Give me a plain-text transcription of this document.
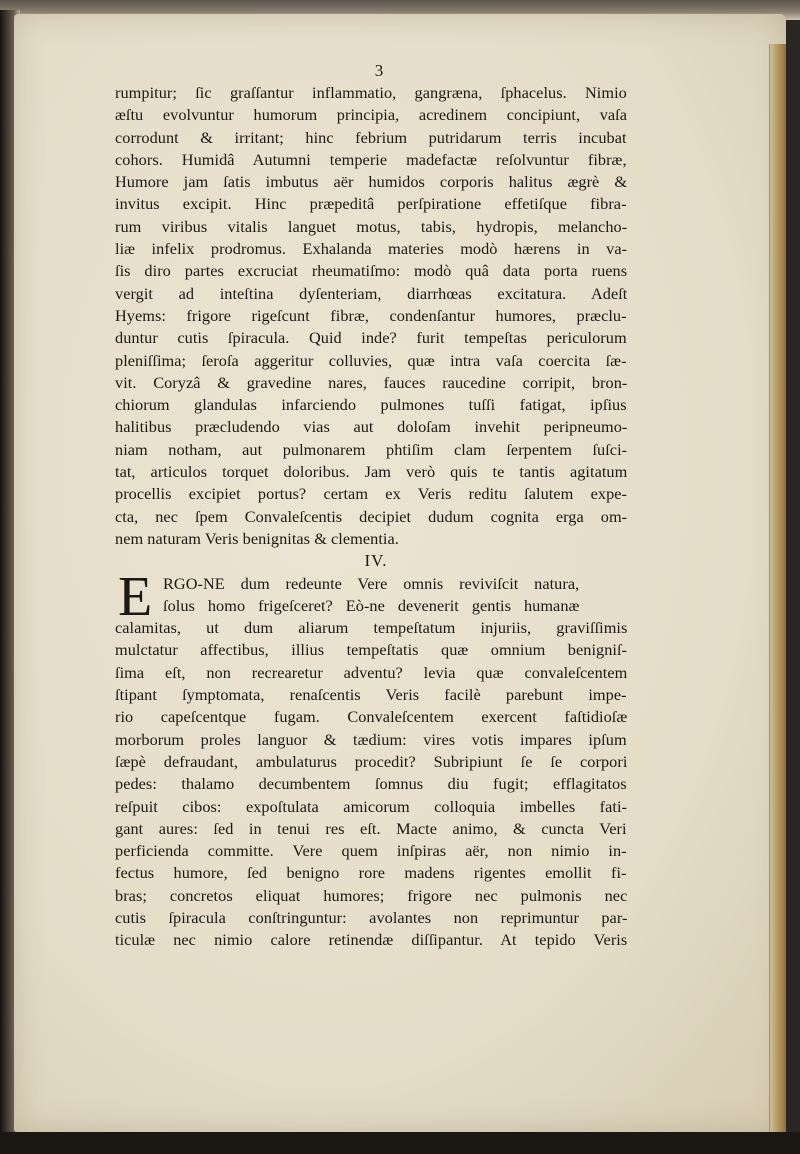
3
rumpitur; ſic graſſantur inflammatio, gangræna, ſphacelus. Nimio
æſtu evolvuntur humorum principia, acredinem concipiunt, vaſa
corrodunt & irritant; hinc febrium putridarum terris incubat
cohors. Humidâ Autumni temperie madefactæ reſolvuntur fibræ,
Humore jam ſatis imbutus aër humidos corporis halitus ægrè &
invitus excipit. Hinc præpeditâ perſpiratione effetiſque fibra-
rum viribus vitalis languet motus, tabis, hydropis, melancho-
liæ infelix prodromus. Exhalanda materies modò hærens in va-
ſis diro partes excruciat rheumatiſmo: modò quâ data porta ruens
vergit ad inteſtina dyſenteriam, diarrhœas excitatura. Adeſt
Hyems: frigore rigeſcunt fibræ, condenſantur humores, præclu-
duntur cutis ſpiracula. Quid inde? furit tempeſtas periculorum
pleniſſima; ſeroſa aggeritur colluvies, quæ intra vaſa coercita ſæ-
vit. Coryzâ & gravedine nares, fauces raucedine corripit, bron-
chiorum glandulas infarciendo pulmones tuſſi fatigat, ipſius
halitibus præcludendo vias aut doloſam invehit peripneumo-
niam notham, aut pulmonarem phtiſim clam ſerpentem ſuſci-
tat, articulos torquet doloribus. Jam verò quis te tantis agitatum
procellis excipiet portus? certam ex Veris reditu ſalutem expe-
cta, nec ſpem Convaleſcentis decipiet dudum cognita erga om-
nem naturam Veris benignitas & clementia.
IV.
E RGO-NE dum redeunte Vere omnis reviviſcit natura,
ſolus homo frigeſceret? Eò-ne devenerit gentis humanæ
calamitas, ut dum aliarum tempeſtatum injuriis, graviſſimis
mulctatur affectibus, illius tempeſtatis quæ omnium benigniſ-
ſima eſt, non recrearetur adventu? levia quæ convaleſcentem
ſtipant ſymptomata, renaſcentis Veris facilè parebunt impe-
rio capeſcentque fugam. Convaleſcentem exercent faſtidioſæ
morborum proles languor & tædium: vires votis impares ipſum
ſæpè defraudant, ambulaturus procedit? Subripiunt ſe ſe corpori
pedes: thalamo decumbentem ſomnus diu fugit; efflagitatos
reſpuit cibos: expoſtulata amicorum colloquia imbelles fati-
gant aures: ſed in tenui res eſt. Macte animo, & cuncta Veri
perficienda committe. Vere quem inſpiras aër, non nimio in-
fectus humore, ſed benigno rore madens rigentes emollit fi-
bras; concretos eliquat humores; frigore nec pulmonis nec
cutis ſpiracula conſtringuntur: avolantes non reprimuntur par-
ticulæ nec nimio calore retinendæ diſſipantur. At tepido Veris
